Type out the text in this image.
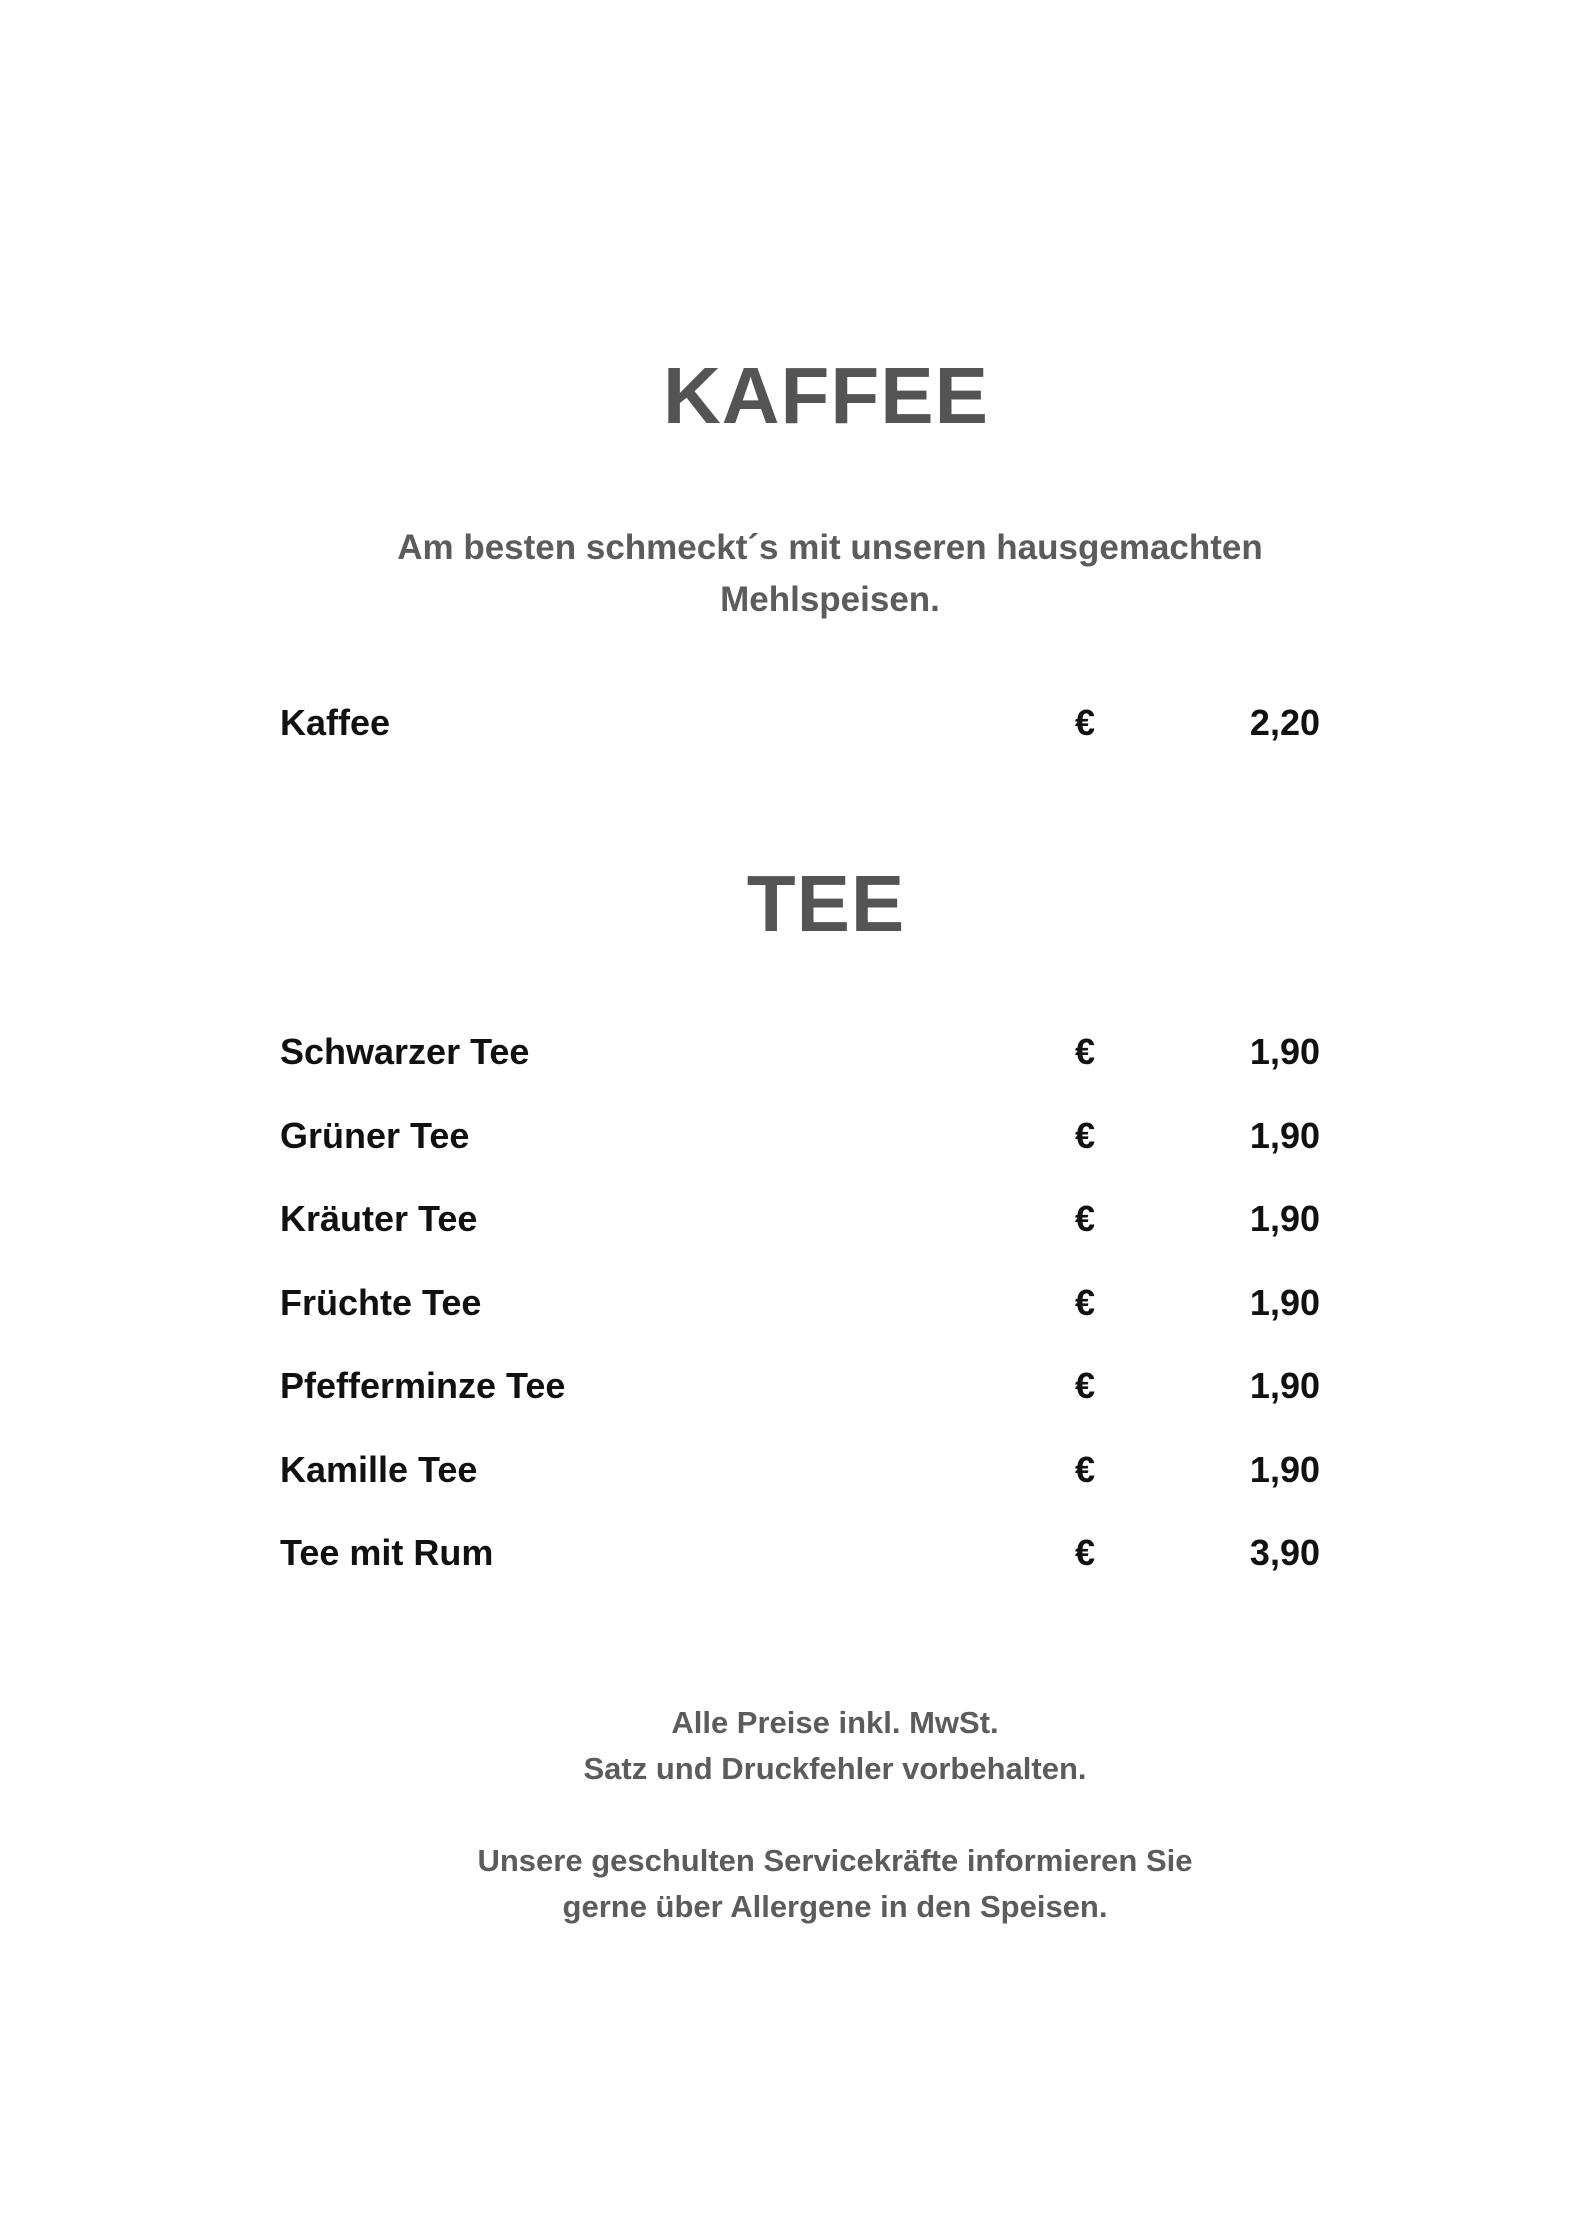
KAFFEE

Am besten schmeckt´s mit unseren hausgemachten
Mehlspeisen.

Kaffee	€	2,20
TEE
Schwarzer Tee	€	1,90
Grüner Tee	€	1,90
Kräuter Tee	€	1,90
Früchte Tee	€	1,90
Pfefferminze Tee	€	1,90
Kamille Tee	€	1,90
Tee mit Rum	€	3,90

Alle Preise inkl. MwSt.
Satz und Druckfehler vorbehalten.

Unsere geschulten Servicekräfte informieren Sie
gerne über Allergene in den Speisen.
